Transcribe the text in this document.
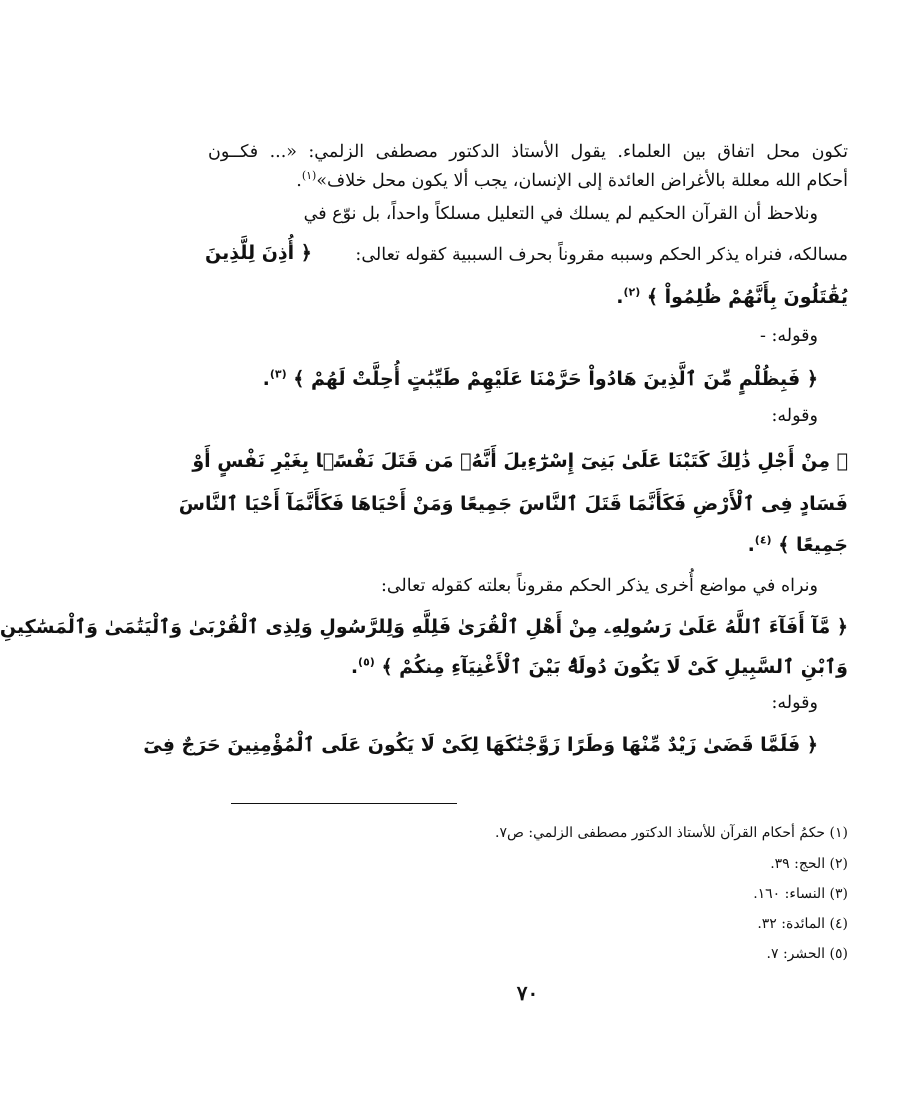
تكون محل اتفاق بين العلماء. يقول الأستاذ الدكتور مصطفى الزلمي: «... فكــون
أحكام الله معللة بالأغراض العائدة إلى الإنسان، يجب ألا يكون محل خلاف»$^{(١)}$.
ونلاحظ أن القرآن الحكيم لم يسلك في التعليل مسلكاً واحداً، بل نوّع في
مسالكه، فنراه يذكر الحكم وسببه مقروناً بحرف السببية كقوله تعالى:
﴿ أُذِنَ لِلَّذِينَ
يُقَٰتَلُونَ بِأَنَّهُمْ ظُلِمُواْ ﴾ $^{(٢)}$.
وقوله: -
﴿ فَبِظُلْمٍ مِّنَ ٱلَّذِينَ هَادُواْ حَرَّمْنَا عَلَيْهِمْ طَيِّبَٰتٍ أُحِلَّتْ لَهُمْ ﴾ $^{(٣)}$.
وقوله:
﴿ مِنْ أَجْلِ ذَٰلِكَ كَتَبْنَا عَلَىٰ بَنِىٓ إِسْرَٰٓءِيلَ أَنَّهُۥ مَن قَتَلَ نَفْسًۢا بِغَيْرِ نَفْسٍ أَوْ
فَسَادٍ فِى ٱلْأَرْضِ فَكَأَنَّمَا قَتَلَ ٱلنَّاسَ جَمِيعًا وَمَنْ أَحْيَاهَا فَكَأَنَّمَآ أَحْيَا ٱلنَّاسَ
جَمِيعًا ﴾ $^{(٤)}$.
ونراه في مواضع أُخرى يذكر الحكم مقروناً بعلته كقوله تعالى:
﴿ مَّآ أَفَآءَ ٱللَّهُ عَلَىٰ رَسُولِهِۦ مِنْ أَهْلِ ٱلْقُرَىٰ فَلِلَّهِ وَلِلرَّسُولِ وَلِذِى ٱلْقُرْبَىٰ وَٱلْيَتَٰمَىٰ وَٱلْمَسَٰكِينِ
وَٱبْنِ ٱلسَّبِيلِ كَىْ لَا يَكُونَ دُولَةًۢ بَيْنَ ٱلْأَغْنِيَآءِ مِنكُمْ ﴾ $^{(٥)}$.
وقوله:
﴿ فَلَمَّا قَضَىٰ زَيْدٌ مِّنْهَا وَطَرًا زَوَّجْنَٰكَهَا لِكَىْ لَا يَكُونَ عَلَى ٱلْمُؤْمِنِينَ حَرَجٌ فِىٓ
(١) حكمُ أحكام القرآن للأستاذ الدكتور مصطفى الزلمي: ص٧.
(٢) الحج: ٣٩.
(٣) النساء: ١٦٠.
(٤) المائدة: ٣٢.
(٥) الحشر: ٧.
٧٠
